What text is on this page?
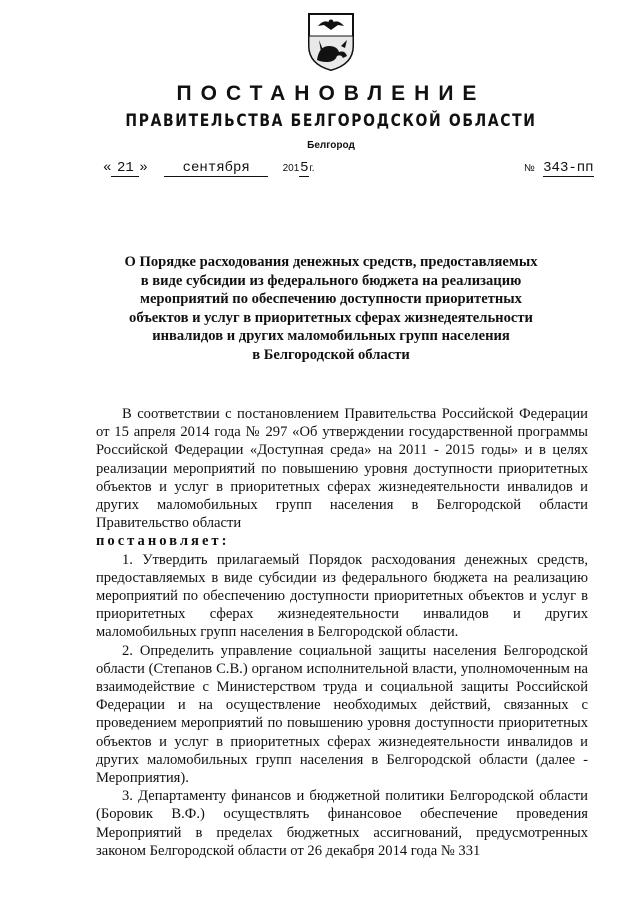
ПОСТАНОВЛЕНИЕ
ПРАВИТЕЛЬСТВА БЕЛГОРОДСКОЙ ОБЛАСТИ
Белгород
« 21 » сентября	2015г.	№ 343-пп
О Порядке расходования денежных средств, предоставляемых
в виде субсидии из федерального бюджета на реализацию
мероприятий по обеспечению доступности приоритетных
объектов и услуг в приоритетных сферах жизнедеятельности
инвалидов и других маломобильных групп населения
в Белгородской области

В соответствии с постановлением Правительства Российской Федерации от 15 апреля 2014 года № 297 «Об утверждении государственной программы Российской Федерации «Доступная среда» на 2011 - 2015 годы» и в целях реализации мероприятий по повышению уровня доступности приоритетных объектов и услуг в приоритетных сферах жизнедеятельности инвалидов и других маломобильных групп населения в Белгородской области Правительство области

постановляет:

1. Утвердить прилагаемый Порядок расходования денежных средств, предоставляемых в виде субсидии из федерального бюджета на реализацию мероприятий по обеспечению доступности приоритетных объектов и услуг в приоритетных сферах жизнедеятельности инвалидов и других маломобильных групп населения в Белгородской области.

2. Определить управление социальной защиты населения Белгородской области (Степанов С.В.) органом исполнительной власти, уполномоченным на взаимодействие с Министерством труда и социальной защиты Российской Федерации и на осуществление необходимых действий, связанных с проведением мероприятий по повышению уровня доступности приоритетных объектов и услуг в приоритетных сферах жизнедеятельности инвалидов и других маломобильных групп населения в Белгородской области (далее - Мероприятия).

3. Департаменту финансов и бюджетной политики Белгородской области (Боровик В.Ф.) осуществлять финансовое обеспечение проведения Мероприятий в пределах бюджетных ассигнований, предусмотренных законом Белгородской области от 26 декабря 2014 года № 331
